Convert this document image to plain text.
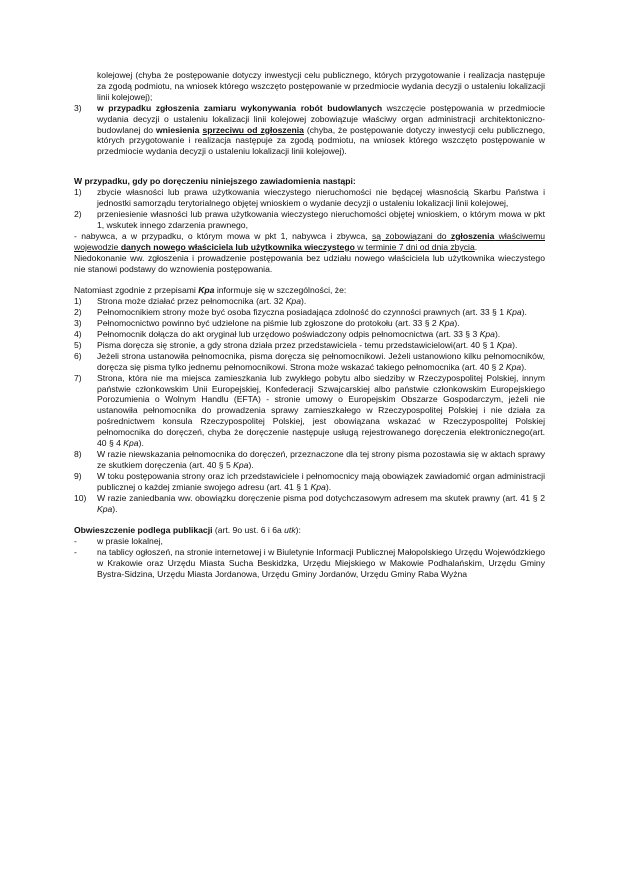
kolejowej (chyba że postępowanie dotyczy inwestycji celu publicznego, których przygotowanie i realizacja następuje za zgodą podmiotu, na wniosek którego wszczęto postępowanie w przedmiocie wydania decyzji o ustaleniu lokalizacji linii kolejowej);

3)	w przypadku zgłoszenia zamiaru wykonywania robót budowlanych wszczęcie postępowania w przedmiocie wydania decyzji o ustaleniu lokalizacji linii kolejowej zobowiązuje właściwy organ administracji architektoniczno-budowlanej do wniesienia sprzeciwu od zgłoszenia (chyba, że postępowanie dotyczy inwestycji celu publicznego, których przygotowanie i realizacja następuje za zgodą podmiotu, na wniosek którego wszczęto postępowanie w przedmiocie wydania decyzji o ustaleniu lokalizacji linii kolejowej).

W przypadku, gdy po doręczeniu niniejszego zawiadomienia nastąpi:

1)	zbycie własności lub prawa użytkowania wieczystego nieruchomości nie będącej własnością Skarbu Państwa i jednostki samorządu terytorialnego objętej wnioskiem o wydanie decyzji o ustaleniu lokalizacji linii kolejowej,
2)	przeniesienie własności lub prawa użytkowania wieczystego nieruchomości objętej wnioskiem, o którym mowa w pkt 1, wskutek innego zdarzenia prawnego,

- nabywca, a w przypadku, o którym mowa w pkt 1, nabywca i zbywca, są zobowiązani do zgłoszenia właściwemu wojewodzie danych nowego właściciela lub użytkownika wieczystego w terminie 7 dni od dnia zbycia.

Niedokonanie ww. zgłoszenia i prowadzenie postępowania bez udziału nowego właściciela lub użytkownika wieczystego nie stanowi podstawy do wznowienia postępowania.

Natomiast zgodnie z przepisami Kpa informuje się w szczególności, że:

1)	Strona może działać przez pełnomocnika (art. 32 Kpa).
2)	Pełnomocnikiem strony może być osoba fizyczna posiadająca zdolność do czynności prawnych (art. 33 § 1 Kpa).
3)	Pełnomocnictwo powinno być udzielone na piśmie lub zgłoszone do protokołu (art. 33 § 2 Kpa).
4)	Pełnomocnik dołącza do akt oryginał lub urzędowo poświadczony odpis pełnomocnictwa (art. 33 § 3 Kpa).
5)	Pisma doręcza się stronie, a gdy strona działa przez przedstawiciela - temu przedstawicielowi(art. 40 § 1 Kpa).
6)	Jeżeli strona ustanowiła pełnomocnika, pisma doręcza się pełnomocnikowi. Jeżeli ustanowiono kilku pełnomocników, doręcza się pisma tylko jednemu pełnomocnikowi. Strona może wskazać takiego pełnomocnika (art. 40 § 2 Kpa).
7)	Strona, która nie ma miejsca zamieszkania lub zwykłego pobytu albo siedziby w Rzeczypospolitej Polskiej, innym państwie członkowskim Unii Europejskiej, Konfederacji Szwajcarskiej albo państwie członkowskim Europejskiego Porozumienia o Wolnym Handlu (EFTA) - stronie umowy o Europejskim Obszarze Gospodarczym, jeżeli nie ustanowiła pełnomocnika do prowadzenia sprawy zamieszkałego w Rzeczypospolitej Polskiej i nie działa za pośrednictwem konsula Rzeczypospolitej Polskiej, jest obowiązana wskazać w Rzeczypospolitej Polskiej pełnomocnika do doręczeń, chyba że doręczenie następuje usługą rejestrowanego doręczenia elektronicznego(art. 40 § 4 Kpa).
8)	W razie niewskazania pełnomocnika do doręczeń, przeznaczone dla tej strony pisma pozostawia się w aktach sprawy ze skutkiem doręczenia (art. 40 § 5 Kpa).
9)	W toku postępowania strony oraz ich przedstawiciele i pełnomocnicy mają obowiązek zawiadomić organ administracji publicznej o każdej zmianie swojego adresu (art. 41 § 1 Kpa).
10)	W razie zaniedbania ww. obowiązku doręczenie pisma pod dotychczasowym adresem ma skutek prawny (art. 41 § 2 Kpa).

Obwieszczenie podlega publikacji (art. 9o ust. 6 i 6a utk):

-	w prasie lokalnej,
-	na tablicy ogłoszeń, na stronie internetowej i w Biuletynie Informacji Publicznej Małopolskiego Urzędu Wojewódzkiego w Krakowie oraz Urzędu Miasta Sucha Beskidzka, Urzędu Miejskiego w Makowie Podhalańskim, Urzędu Gminy Bystra-Sidzina, Urzędu Miasta Jordanowa, Urzędu Gminy Jordanów, Urzędu Gminy Raba Wyżna
